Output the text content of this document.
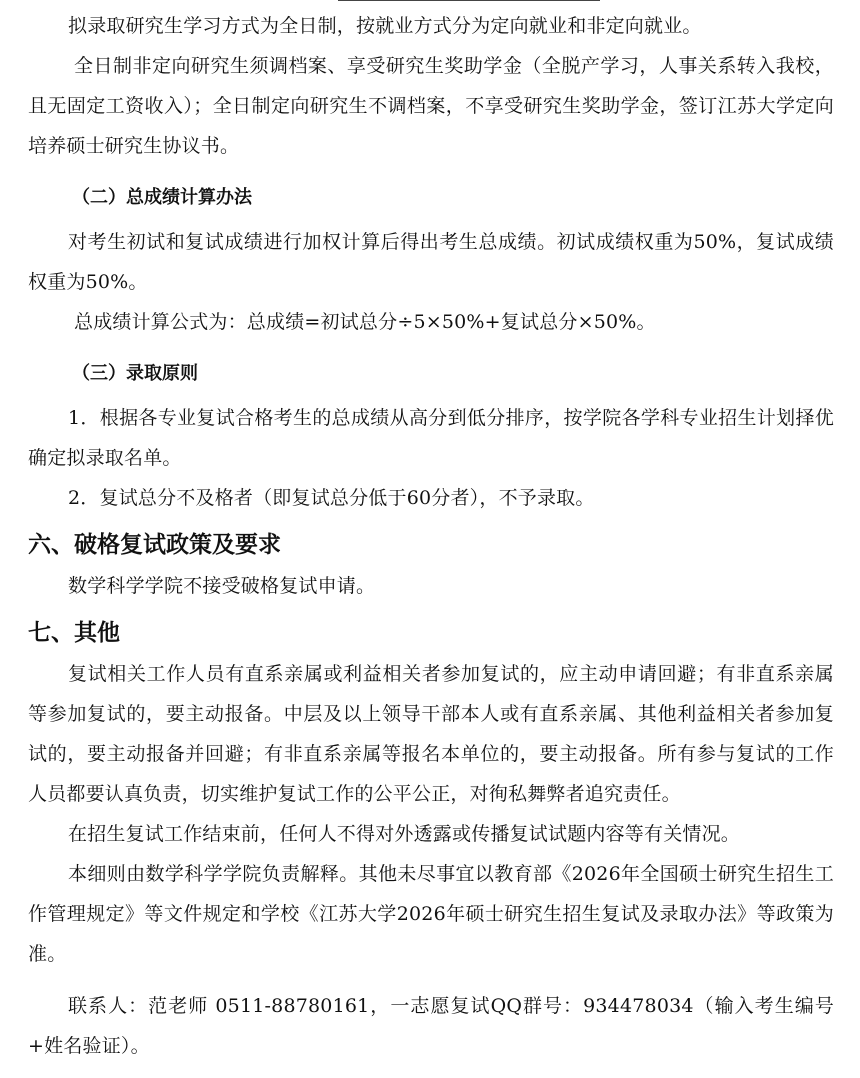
拟录取研究生学习方式为全日制，按就业方式分为定向就业和非定向就业。

全日制非定向研究生须调档案、享受研究生奖助学金（全脱产学习，人事关系转入我校，且无固定工资收入）；全日制定向研究生不调档案，不享受研究生奖助学金，签订江苏大学定向培养硕士研究生协议书。

（二）总成绩计算办法

对考生初试和复试成绩进行加权计算后得出考生总成绩。初试成绩权重为50%，复试成绩权重为50%。

总成绩计算公式为：总成绩=初试总分÷5×50%+复试总分×50%。

（三）录取原则

1．根据各专业复试合格考生的总成绩从高分到低分排序，按学院各学科专业招生计划择优确定拟录取名单。

2．复试总分不及格者（即复试总分低于60分者），不予录取。

六、破格复试政策及要求

数学科学学院不接受破格复试申请。

七、其他

复试相关工作人员有直系亲属或利益相关者参加复试的，应主动申请回避；有非直系亲属等参加复试的，要主动报备。中层及以上领导干部本人或有直系亲属、其他利益相关者参加复试的，要主动报备并回避；有非直系亲属等报名本单位的，要主动报备。所有参与复试的工作人员都要认真负责，切实维护复试工作的公平公正，对徇私舞弊者追究责任。

在招生复试工作结束前，任何人不得对外透露或传播复试试题内容等有关情况。

本细则由数学科学学院负责解释。其他未尽事宜以教育部《2026年全国硕士研究生招生工作管理规定》等文件规定和学校《江苏大学2026年硕士研究生招生复试及录取办法》等政策为准。

联系人：范老师 0511-88780161，一志愿复试QQ群号：934478034（输入考生编号+姓名验证）。
